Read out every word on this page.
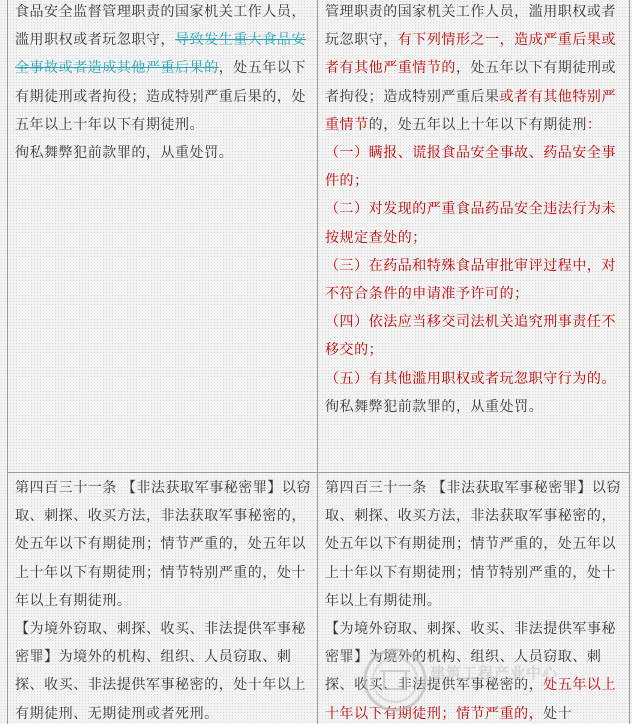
食品安全监督管理职责的国家机关工作人员，滥用职权或者玩忽职守，导致发生重大食品安全事故或者造成其他严重后果的，处五年以下有期徒刑或者拘役；造成特别严重后果的，处五年以上十年以下有期徒刑。

徇私舞弊犯前款罪的，从重处罚。

管理职责的国家机关工作人员，滥用职权或者玩忽职守，有下列情形之一，造成严重后果或者有其他严重情节的，处五年以下有期徒刑或者拘役；造成特别严重后果或者有其他特别严重情节的，处五年以上十年以下有期徒刑：

（一）瞒报、谎报食品安全事故、药品安全事件的；

（二）对发现的严重食品药品安全违法行为未按规定查处的；

（三）在药品和特殊食品审批审评过程中，对不符合条件的申请准予许可的；

（四）依法应当移交司法机关追究刑事责任不移交的；

（五）有其他滥用职权或者玩忽职守行为的。

徇私舞弊犯前款罪的，从重处罚。

第四百三十一条 【非法获取军事秘密罪】以窃取、刺探、收买方法，非法获取军事秘密的，处五年以下有期徒刑；情节严重的，处五年以上十年以下有期徒刑；情节特别严重的，处十年以上有期徒刑。

【为境外窃取、刺探、收买、非法提供军事秘密罪】为境外的机构、组织、人员窃取、刺探、收买、非法提供军事秘密的，处十年以上有期徒刑、无期徒刑或者死刑。

第四百三十一条 【非法获取军事秘密罪】以窃取、刺探、收买方法，非法获取军事秘密的，处五年以下有期徒刑；情节严重的，处五年以上十年以下有期徒刑；情节特别严重的，处十年以上有期徒刑。

【为境外窃取、刺探、收买、非法提供军事秘密罪】为境外的机构、组织、人员窃取、刺探、收买、非法提供军事秘密的，处五年以上十年以下有期徒刑；情节严重的，处十

建筑工程产业中心
